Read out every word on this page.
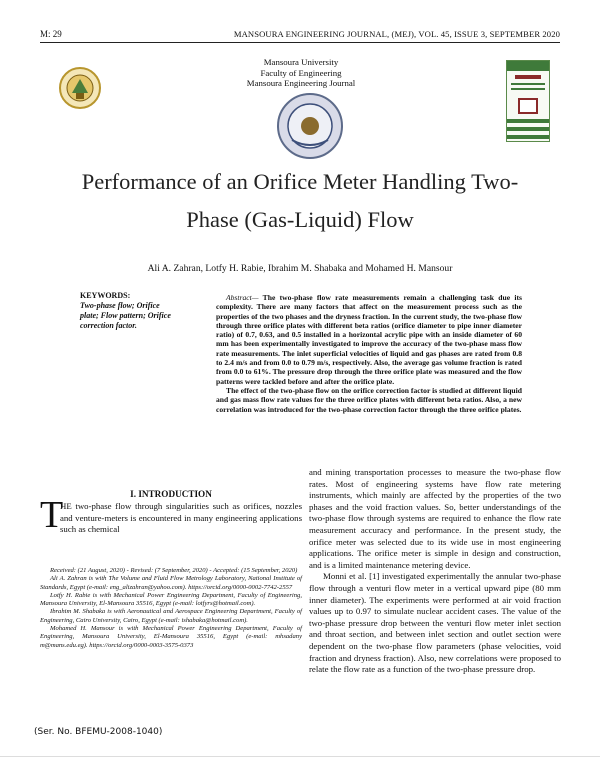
M: 29	MANSOURA ENGINEERING JOURNAL, (MEJ), VOL. 45, ISSUE 3, SEPTEMBER 2020
Mansoura University
Faculty of Engineering
Mansoura Engineering Journal
Performance of an Orifice Meter Handling Two-Phase (Gas-Liquid) Flow
Ali A. Zahran, Lotfy H. Rabie, Ibrahim M. Shabaka and Mohamed H. Mansour
KEYWORDS:
Two-phase flow; Orifice plate; Flow pattern; Orifice correction factor.

Abstract— The two-phase flow rate measurements remain a challenging task due its complexity. There are many factors that affect on the measurement process such as the properties of the two phases and the dryness fraction. In the current study, the two-phase flow through three orifice plates with different beta ratios (orifice diameter to pipe inner diameter ratio) of 0.7, 0.63, and 0.5 installed in a horizontal acrylic pipe with an inside diameter of 60 mm has been experimentally investigated to improve the accuracy of the two-phase mass flow rate measurements. The inlet superficial velocities of liquid and gas phases are rated from 0.8 to 2.4 m/s and from 0.0 to 0.79 m/s, respectively. Also, the average gas volume fraction is rated from 0.0 to 61%. The pressure drop through the three orifice plate was measured and the flow patterns were tackled before and after the orifice plate.

The effect of the two-phase flow on the orifice correction factor is studied at different liquid and gas mass flow rate values for the three orifice plates with different beta ratios. Also, a new correlation was introduced for the two-phase correction factor through the three orifice plates.

I. INTRODUCTION
T
HE two-phase flow through singularities such as orifices, nozzles and venture-meters is encountered in many engineering applications such as chemical

Received: (21 August, 2020) - Revised: (7 September, 2020) - Accepted: (15 September, 2020)

Ali A. Zahran is with The Volume and Fluid Flow Metrology Laboratory, National Institute of Standards, Egypt (e-mail: eng_alizahran@yahoo.com). https://orcid.org/0000-0002-7742-2557

Lotfy H. Rabie is with Mechanical Power Engineering Department, Faculty of Engineering, Mansoura University, El-Mansoura 35516, Egypt (e-mail: lotfyrs@hotmail.com).

Ibrahim M. Shabaka is with Aeronautical and Aerospace Engineering Department, Faculty of Engineering, Cairo University, Cairo, Egypt (e-mail: ishabaka@hotmail.com).

Mohamed H. Mansour is with Mechanical Power Engineering Department, Faculty of Engineering, Mansoura University, El-Mansoura 35516, Egypt (e-mail: mhsadany m@mans.edu.eg). https://orcid.org/0000-0003-3575-0373

and mining transportation processes to measure the two-phase flow rates. Most of engineering systems have flow rate metering instruments, which mainly are affected by the properties of the two phases and the void fraction values. So, better understandings of the two-phase flow through systems are required to enhance the flow rate measurement accuracy and performance. In the present study, the orifice meter was selected due to its wide use in most engineering applications. The orifice meter is simple in design and construction, and is a limited maintenance metering device.

Monni et al. [1] investigated experimentally the annular two-phase flow through a venturi flow meter in a vertical upward pipe (80 mm inner diameter). The experiments were performed at air void fraction values up to 0.97 to simulate nuclear accident cases. The value of the two-phase pressure drop between the venturi flow meter inlet section and throat section, and between inlet section and outlet section were dependent on the two-phase flow parameters (phase velocities, void fraction and dryness fraction). Also, new correlations were proposed to relate the flow rate as a function of the two-phase pressure drop.

(Ser. No. BFEMU-2008-1040)
